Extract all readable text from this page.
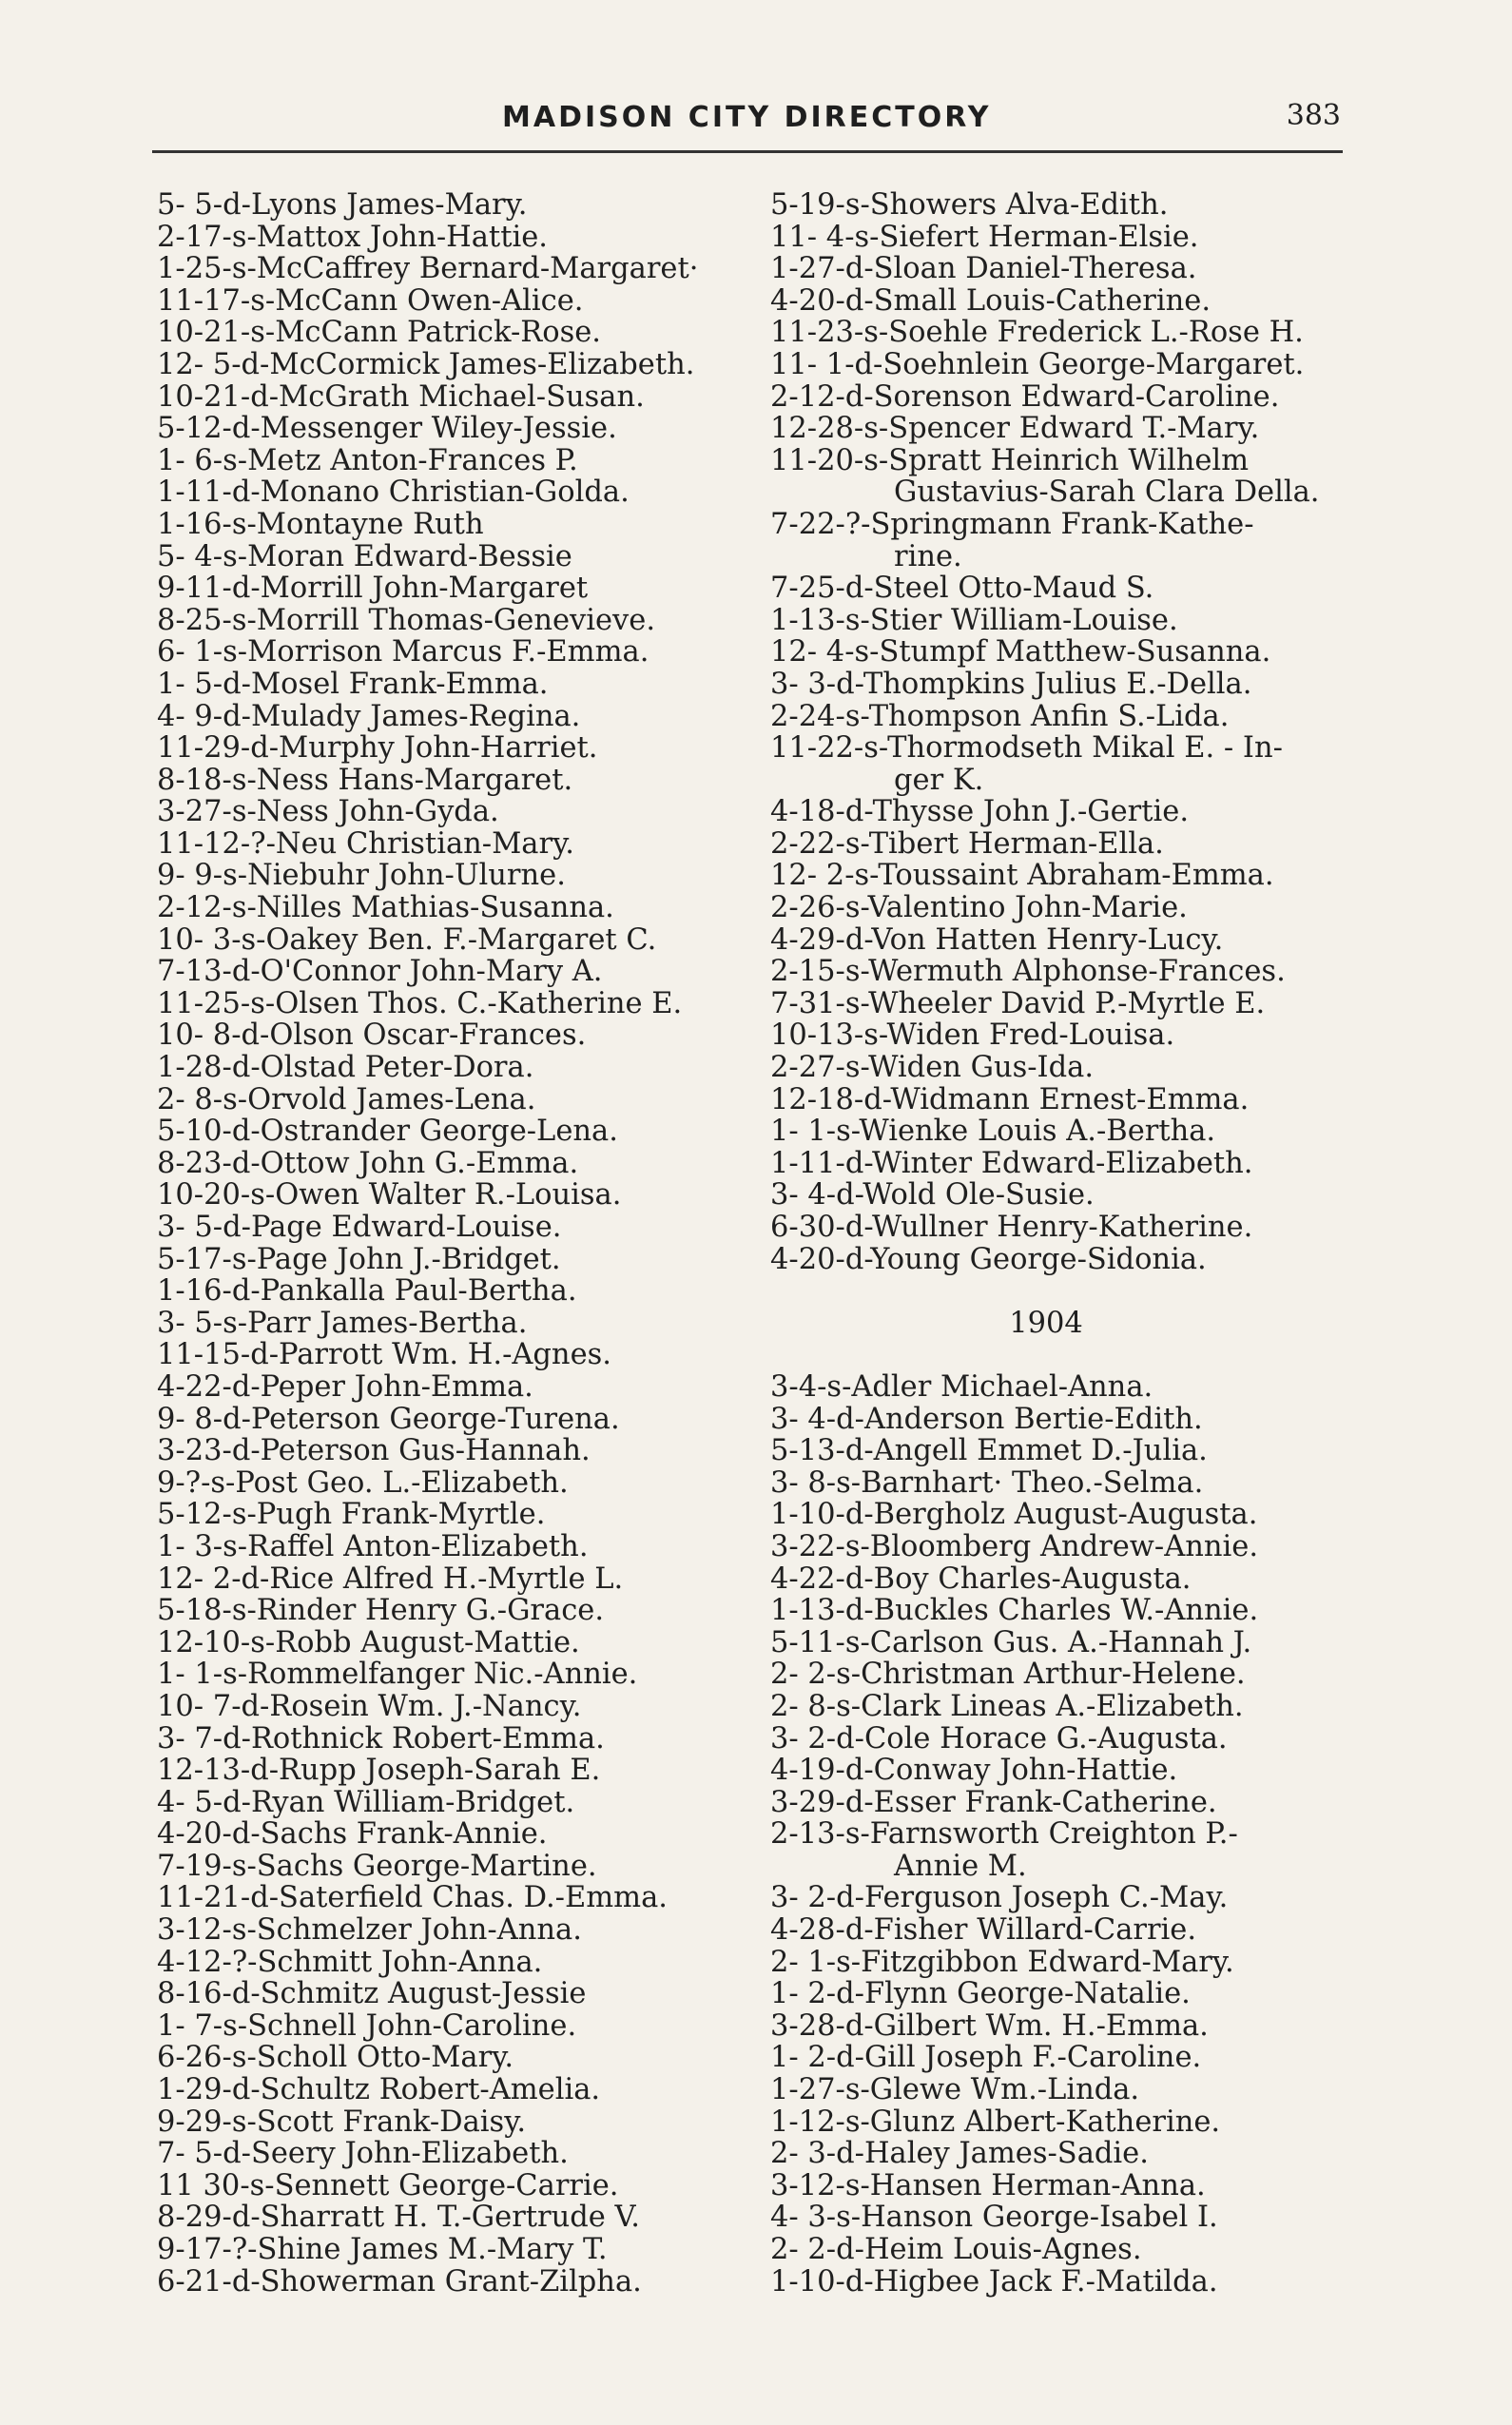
MADISON CITY DIRECTORY	383
5- 5-d-Lyons James-Mary.
2-17-s-Mattox John-Hattie.
1-25-s-McCaffrey Bernard-Margaret·
11-17-s-McCann Owen-Alice.
10-21-s-McCann Patrick-Rose.
12- 5-d-McCormick James-Elizabeth.
10-21-d-McGrath Michael-Susan.
5-12-d-Messenger Wiley-Jessie.
1- 6-s-Metz Anton-Frances P.
1-11-d-Monano Christian-Golda.
1-16-s-Montayne Ruth
5- 4-s-Moran Edward-Bessie
9-11-d-Morrill John-Margaret
8-25-s-Morrill Thomas-Genevieve.
6- 1-s-Morrison Marcus F.-Emma.
1- 5-d-Mosel Frank-Emma.
4- 9-d-Mulady James-Regina.
11-29-d-Murphy John-Harriet.
8-18-s-Ness Hans-Margaret.
3-27-s-Ness John-Gyda.
11-12-?-Neu Christian-Mary.
9- 9-s-Niebuhr John-Ulurne.
2-12-s-Nilles Mathias-Susanna.
10- 3-s-Oakey Ben. F.-Margaret C.
7-13-d-O'Connor John-Mary A.
11-25-s-Olsen Thos. C.-Katherine E.
10- 8-d-Olson Oscar-Frances.
1-28-d-Olstad Peter-Dora.
2- 8-s-Orvold James-Lena.
5-10-d-Ostrander George-Lena.
8-23-d-Ottow John G.-Emma.
10-20-s-Owen Walter R.-Louisa.
3- 5-d-Page Edward-Louise.
5-17-s-Page John J.-Bridget.
1-16-d-Pankalla Paul-Bertha.
3- 5-s-Parr James-Bertha.
11-15-d-Parrott Wm. H.-Agnes.
4-22-d-Peper John-Emma.
9- 8-d-Peterson George-Turena.
3-23-d-Peterson Gus-Hannah.
9-?-s-Post Geo. L.-Elizabeth.
5-12-s-Pugh Frank-Myrtle.
1- 3-s-Raffel Anton-Elizabeth.
12- 2-d-Rice Alfred H.-Myrtle L.
5-18-s-Rinder Henry G.-Grace.
12-10-s-Robb August-Mattie.
1- 1-s-Rommelfanger Nic.-Annie.
10- 7-d-Rosein Wm. J.-Nancy.
3- 7-d-Rothnick Robert-Emma.
12-13-d-Rupp Joseph-Sarah E.
4- 5-d-Ryan William-Bridget.
4-20-d-Sachs Frank-Annie.
7-19-s-Sachs George-Martine.
11-21-d-Saterfield Chas. D.-Emma.
3-12-s-Schmelzer John-Anna.
4-12-?-Schmitt John-Anna.
8-16-d-Schmitz August-Jessie
1- 7-s-Schnell John-Caroline.
6-26-s-Scholl Otto-Mary.
1-29-d-Schultz Robert-Amelia.
9-29-s-Scott Frank-Daisy.
7- 5-d-Seery John-Elizabeth.
11 30-s-Sennett George-Carrie.
8-29-d-Sharratt H. T.-Gertrude V.
9-17-?-Shine James M.-Mary T.
6-21-d-Showerman Grant-Zilpha.
5-19-s-Showers Alva-Edith.
11- 4-s-Siefert Herman-Elsie.
1-27-d-Sloan Daniel-Theresa.
4-20-d-Small Louis-Catherine.
11-23-s-Soehle Frederick L.-Rose H.
11- 1-d-Soehnlein George-Margaret.
2-12-d-Sorenson Edward-Caroline.
12-28-s-Spencer Edward T.-Mary.
11-20-s-Spratt Heinrich Wilhelm
Gustavius-Sarah Clara Della.
7-22-?-Springmann Frank-Kathe-
rine.
7-25-d-Steel Otto-Maud S.
1-13-s-Stier William-Louise.
12- 4-s-Stumpf Matthew-Susanna.
3- 3-d-Thompkins Julius E.-Della.
2-24-s-Thompson Anfin S.-Lida.
11-22-s-Thormodseth Mikal E. - In-
ger K.
4-18-d-Thysse John J.-Gertie.
2-22-s-Tibert Herman-Ella.
12- 2-s-Toussaint Abraham-Emma.
2-26-s-Valentino John-Marie.
4-29-d-Von Hatten Henry-Lucy.
2-15-s-Wermuth Alphonse-Frances.
7-31-s-Wheeler David P.-Myrtle E.
10-13-s-Widen Fred-Louisa.
2-27-s-Widen Gus-Ida.
12-18-d-Widmann Ernest-Emma.
1- 1-s-Wienke Louis A.-Bertha.
1-11-d-Winter Edward-Elizabeth.
3- 4-d-Wold Ole-Susie.
6-30-d-Wullner Henry-Katherine.
4-20-d-Young George-Sidonia.
1904
3-4-s-Adler Michael-Anna.
3- 4-d-Anderson Bertie-Edith.
5-13-d-Angell Emmet D.-Julia.
3- 8-s-Barnhart· Theo.-Selma.
1-10-d-Bergholz August-Augusta.
3-22-s-Bloomberg Andrew-Annie.
4-22-d-Boy Charles-Augusta.
1-13-d-Buckles Charles W.-Annie.
5-11-s-Carlson Gus. A.-Hannah J.
2- 2-s-Christman Arthur-Helene.
2- 8-s-Clark Lineas A.-Elizabeth.
3- 2-d-Cole Horace G.-Augusta.
4-19-d-Conway John-Hattie.
3-29-d-Esser Frank-Catherine.
2-13-s-Farnsworth Creighton P.-
Annie M.
3- 2-d-Ferguson Joseph C.-May.
4-28-d-Fisher Willard-Carrie.
2- 1-s-Fitzgibbon Edward-Mary.
1- 2-d-Flynn George-Natalie.
3-28-d-Gilbert Wm. H.-Emma.
1- 2-d-Gill Joseph F.-Caroline.
1-27-s-Glewe Wm.-Linda.
1-12-s-Glunz Albert-Katherine.
2- 3-d-Haley James-Sadie.
3-12-s-Hansen Herman-Anna.
4- 3-s-Hanson George-Isabel I.
2- 2-d-Heim Louis-Agnes.
1-10-d-Higbee Jack F.-Matilda.
